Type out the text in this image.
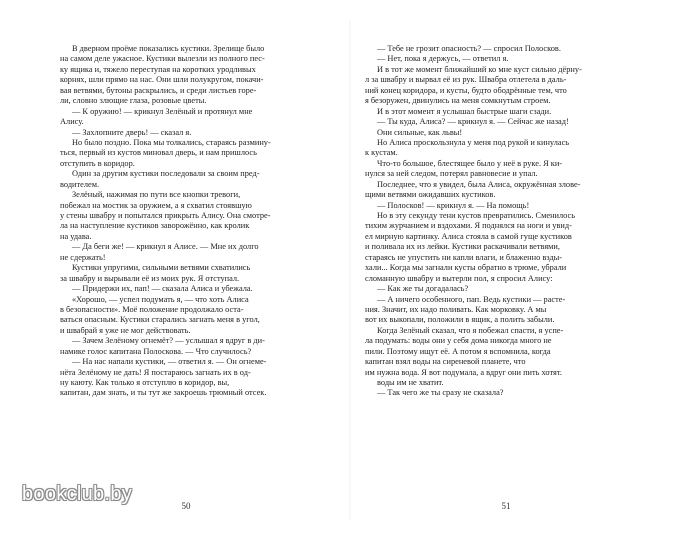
В дверном проёме показались кустики. Зрелище было
на самом деле ужасное. Кустики вылезли из полного пес-
ку ящика и, тяжело переступая на коротких уродливых
корнях, шли прямо на нас. Они шли полукругом, покачи-
вая ветвями, бутоны раскрылись, и среди листьев горе-
ли, словно злющие глаза, розовые цветы.
— К оружию! — крикнул Зелёный и протянул мне
Алису.
— Захлопните дверь! — сказал я.
Но было поздно. Пока мы толкались, стараясь размину-
ться, первый из кустов миновал дверь, и нам пришлось
отступить в коридор.
Один за другим кустики последовали за своим пред-
водителем.
Зелёный, нажимая по пути все кнопки тревоги,
побежал на мостик за оружием, а я схватил стоявшую
у стены швабру и попытался прикрыть Алису. Она смотре-
ла на наступление кустиков заворожённо, как кролик
на удава.
— Да беги же! — крикнул я Алисе. — Мне их долго
не сдержать!
Кустики упругими, сильными ветвями схватились
за швабру и вырывали её из моих рук. Я отступал.
— Придержи их, пап! — сказала Алиса и убежала.
«Хорошо, — успел подумать я, — что хоть Алиса
в безопасности». Моё положение продолжало оста-
ваться опасным. Кустики старались загнать меня в угол,
и швабра́й я уже не мог действовать.
— Зачем Зелёному огнемёт? — услышал я вдруг в ди-
намике голос капитана Полоскова. — Что случилось?
— На нас напали кустики, — ответил я. — Он огнеме-
нёта Зелёному не дать! Я постараюсь загнать их в од-
ну каюту. Как только я отступлю в коридор, вы,
капитан, дам знать, и ты тут же закроешь трюмный отсек.
— Тебе не грозит опасность? — спросил Полосков.
— Нет, пока я держусь, — ответил я.
И в тот же момент ближайший ко мне куст сильно дёрну-
л за швабру и вырвал её из рук. Швабра отлетела в даль-
ний конец коридора, и кусты, будто ободрённые тем, что
я безоружен, двинулись на меня сомкнутым строем.
И в этот момент я услышал быстрые шаги сзади.
— Ты куда, Алиса? — крикнул я. — Сейчас же назад!
Они сильные, как львы!
Но Алиса проскользнула у меня под рукой и кинулась
к кустам.
Что-то большое, блестящее было у неё в руке. Я ки-
нулся за ней следом, потерял равновесие и упал.
Последнее, что я увидел, была Алиса, окружённая злове-
щими ветвями ожидавших кустиков.
— Полосков! — крикнул я. — На помощь!
Но в эту секунду тени кустов превратились. Сменилось
тихим журчанием и вздохами. Я поднялся на ноги и увид-
ел мирную картинку. Алиса стояла в самой гуще кустиков
и поливала их из лейки. Кустики раскачивали ветвями,
стараясь не упустить ни капли влаги, и блаженно взды-
хали... Когда мы загнали кусты обратно в трюме, убрали
сломанную швабру и вытерли пол, я спросил Алису:
— Как же ты догадалась?
— А ничего особенного, пап. Ведь кустики — расте-
ния. Значит, их надо поливать. Как морковку. А мы
вот их выкопали, положили в ящик, а полить забыли.
Когда Зелёный сказал, что я побежал спасти, я успе-
ла подумать: воды они у себя дома никогда много не
пили. Поэтому ищут её. А потом я вспомнила, когда
капитан взял воды на сиреневой планете, что
им нужна вода. Я вот подумала, а вдруг они пить хотят.
воды им не хватит.
— Так чего же ты сразу не сказала?
50	51
bookclub.by
